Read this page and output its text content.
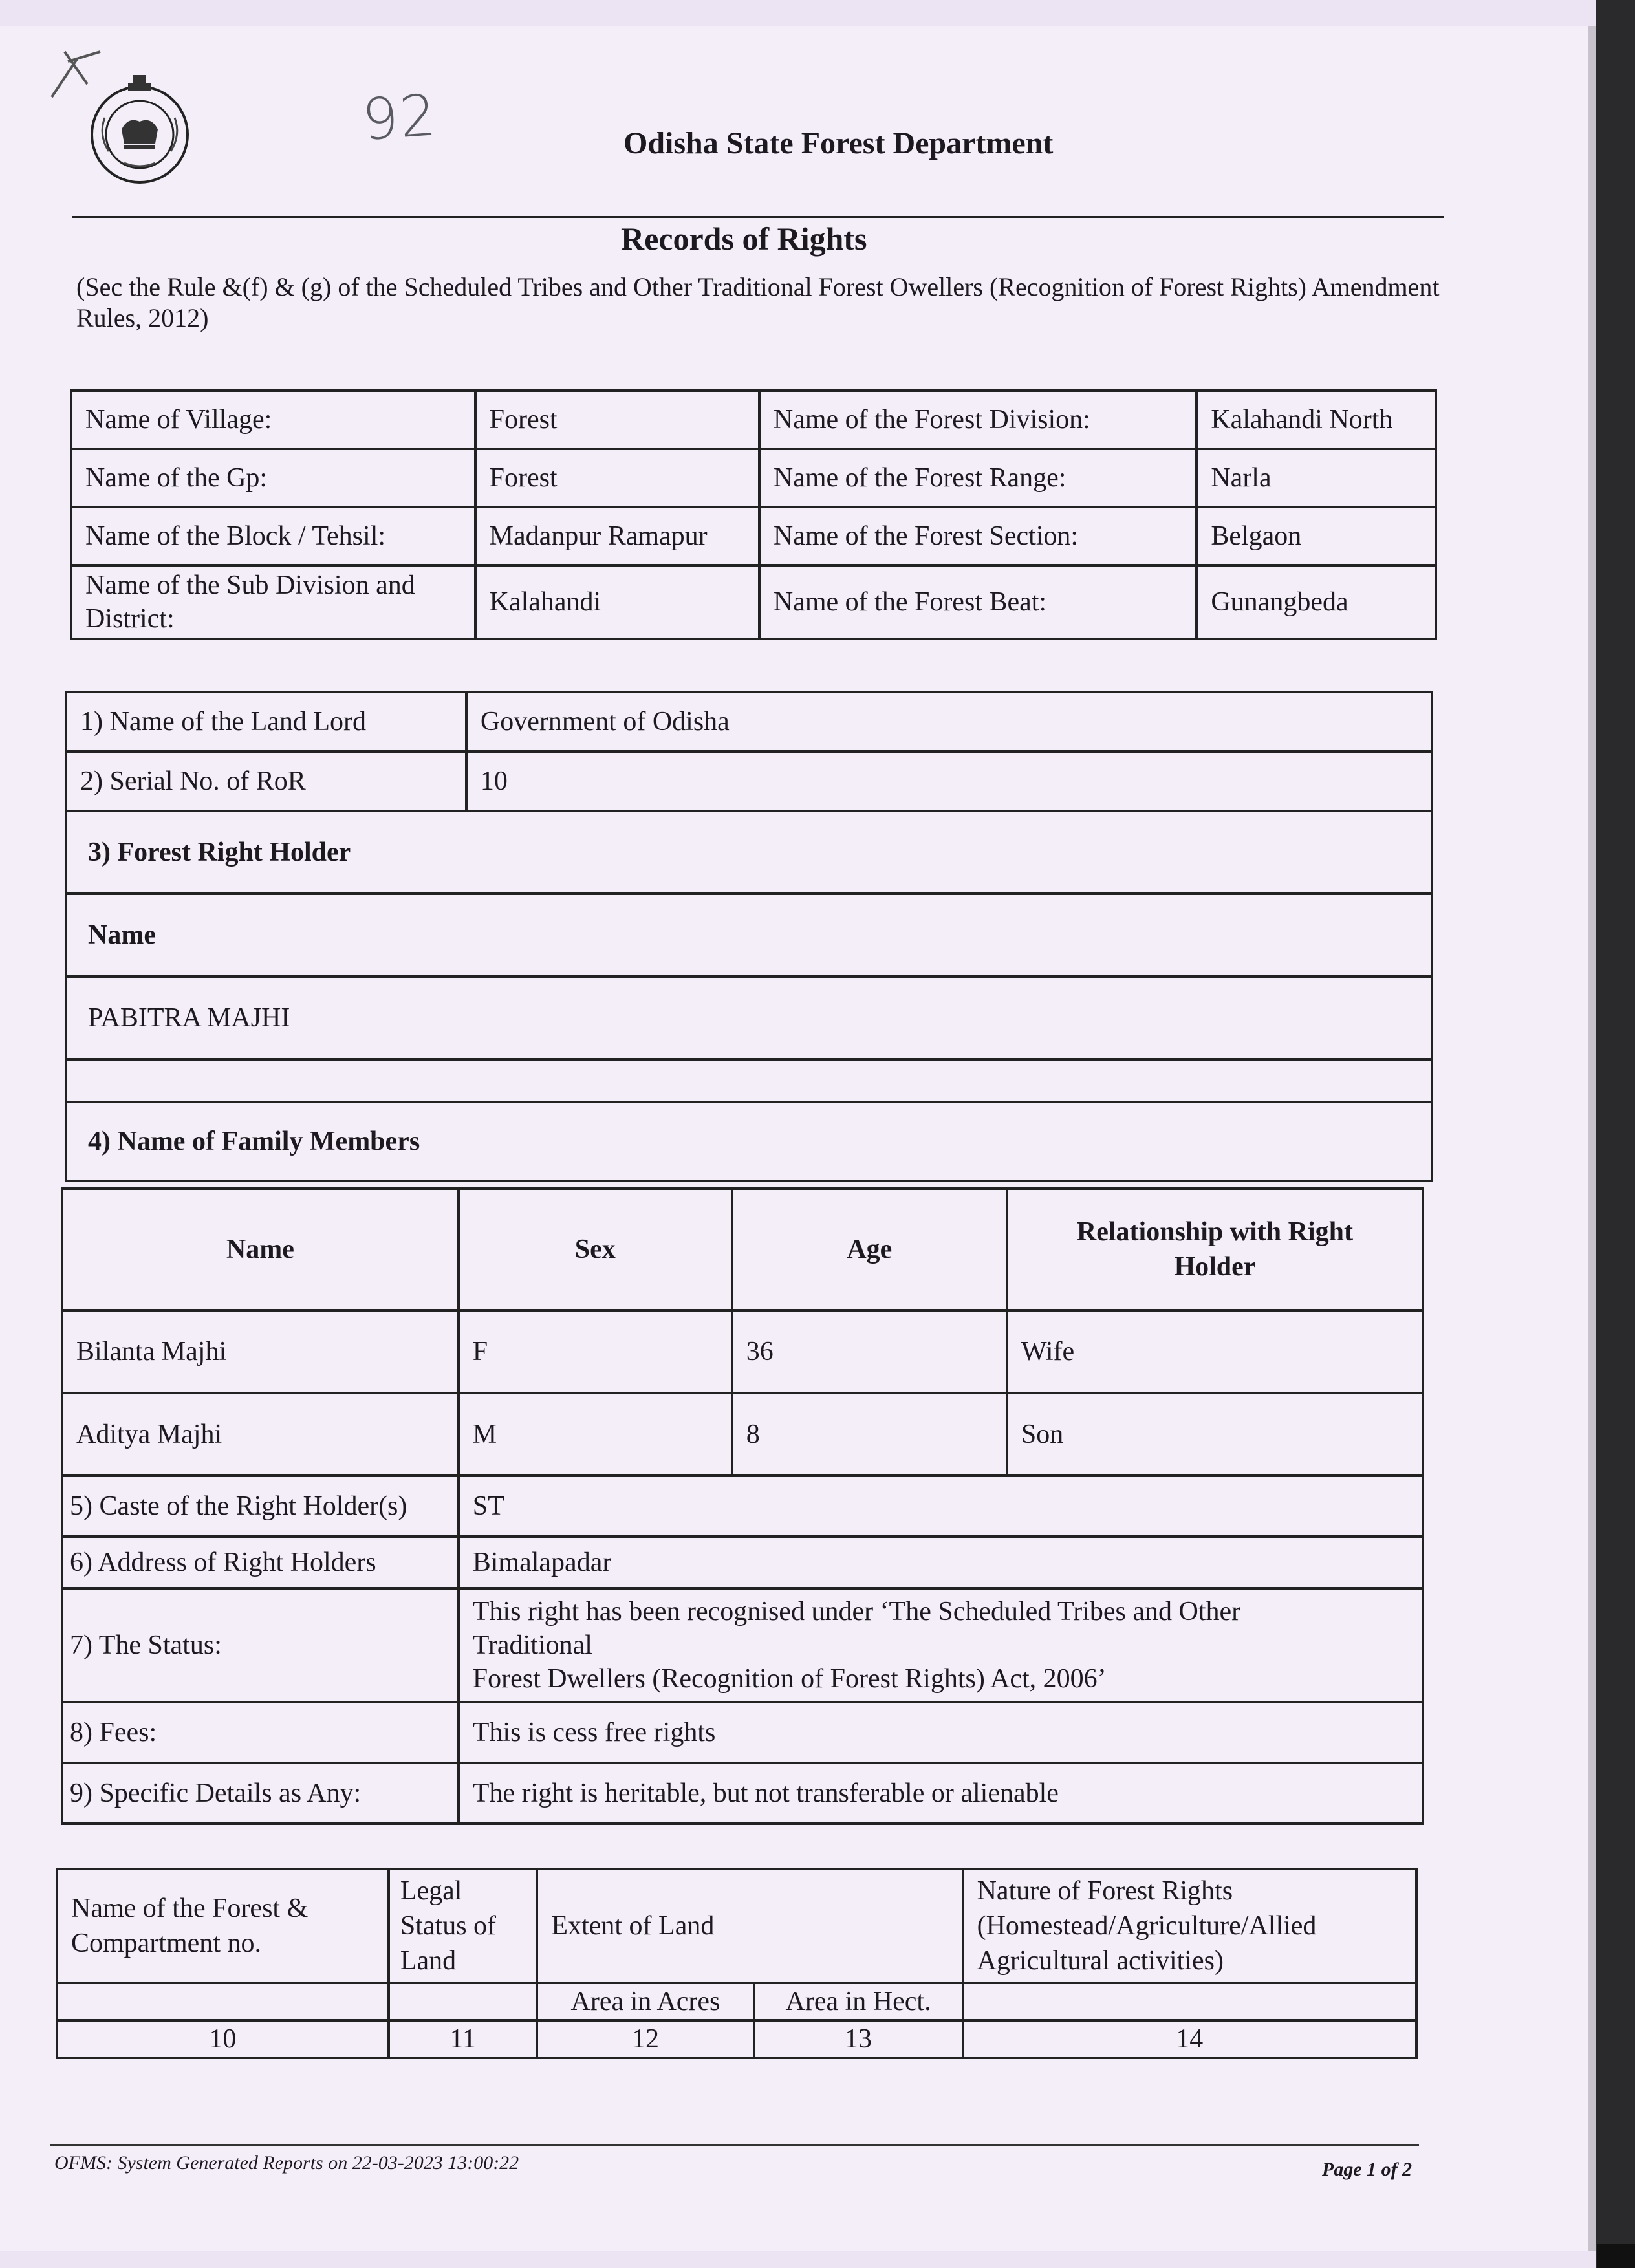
92	Odisha State Forest Department
Records of Rights
(Sec the Rule &(f) & (g) of the Scheduled Tribes and Other Traditional Forest Owellers (Recognition of Forest Rights) Amendment Rules, 2012)
Name of Village:	Forest	Name of the Forest Division:	Kalahandi North
Name of the Gp:	Forest	Name of the Forest Range:	Narla
Name of the Block / Tehsil:	Madanpur Ramapur	Name of the Forest Section:	Belgaon
Name of the Sub Division and District:	Kalahandi	Name of the Forest Beat:	Gunangbeda
1) Name of the Land Lord	Government of Odisha
2) Serial No. of RoR	10
3) Forest Right Holder	
Name	
PABITRA MAJHI	

4) Name of Family Members	
Name	Sex	Age	Relationship with Right Holder
Bilanta Majhi	F	36	Wife
Aditya Majhi	M	8	Son
5) Caste of the Right Holder(s)	ST		
6) Address of Right Holders	Bimalapadar		
7) The Status:	This right has been recognised under ‘The Scheduled Tribes and Other
Traditional
Forest Dwellers (Recognition of Forest Rights) Act, 2006’		

8) Fees:	This is cess free rights		
9) Specific Details as Any:	The right is heritable, but not transferable or alienable		
Name of the Forest & Compartment no.	Legal Status of Land	Extent of Land		Nature of Forest Rights (Homestead/Agriculture/Allied Agricultural activities)
		Area in Acres	Area in Hect.	
10	11	12	13	14
OFMS: System Generated Reports on 22-03-2023 13:00:22	Page 1 of 2
